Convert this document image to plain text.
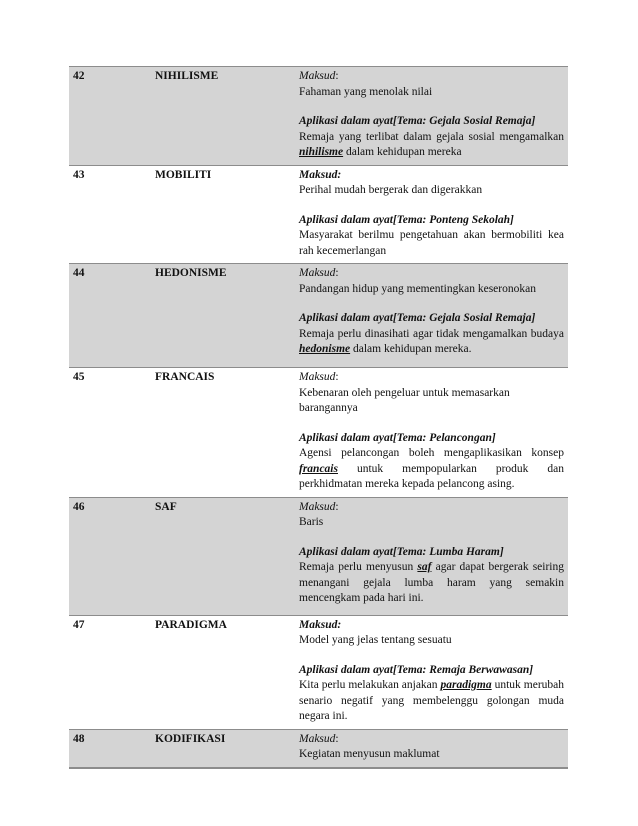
42	NIHILISME	Maksud:
Fahaman yang menolak nilai
Aplikasi dalam ayat[Tema: Gejala Sosial Remaja]
Remaja yang terlibat dalam gejala sosial mengamalkan nihilisme dalam kehidupan mereka

43	MOBILITI	Maksud:
Perihal mudah bergerak dan digerakkan
Aplikasi dalam ayat[Tema: Ponteng Sekolah]
Masyarakat berilmu pengetahuan akan bermobiliti kea rah kecemerlangan

44	HEDONISME	Maksud:
Pandangan hidup yang mementingkan keseronokan
Aplikasi dalam ayat[Tema: Gejala Sosial Remaja]
Remaja perlu dinasihati agar tidak mengamalkan budaya hedonisme dalam kehidupan mereka.

45	FRANCAIS	Maksud:
Kebenaran oleh pengeluar untuk memasarkan barangannya
Aplikasi dalam ayat[Tema: Pelancongan]
Agensi pelancongan boleh mengaplikasikan konsep francais untuk mempopularkan produk dan perkhidmatan mereka kepada pelancong asing.

46	SAF	Maksud:
Baris
Aplikasi dalam ayat[Tema: Lumba Haram]
Remaja perlu menyusun saf agar dapat bergerak seiring menangani gejala lumba haram yang semakin mencengkam pada hari ini.

47	PARADIGMA	Maksud:
Model yang jelas tentang sesuatu
Aplikasi dalam ayat[Tema: Remaja Berwawasan]
Kita perlu melakukan anjakan paradigma untuk merubah senario negatif yang membelenggu golongan muda negara ini.

48	KODIFIKASI	Maksud:
Kegiatan menyusun maklumat
